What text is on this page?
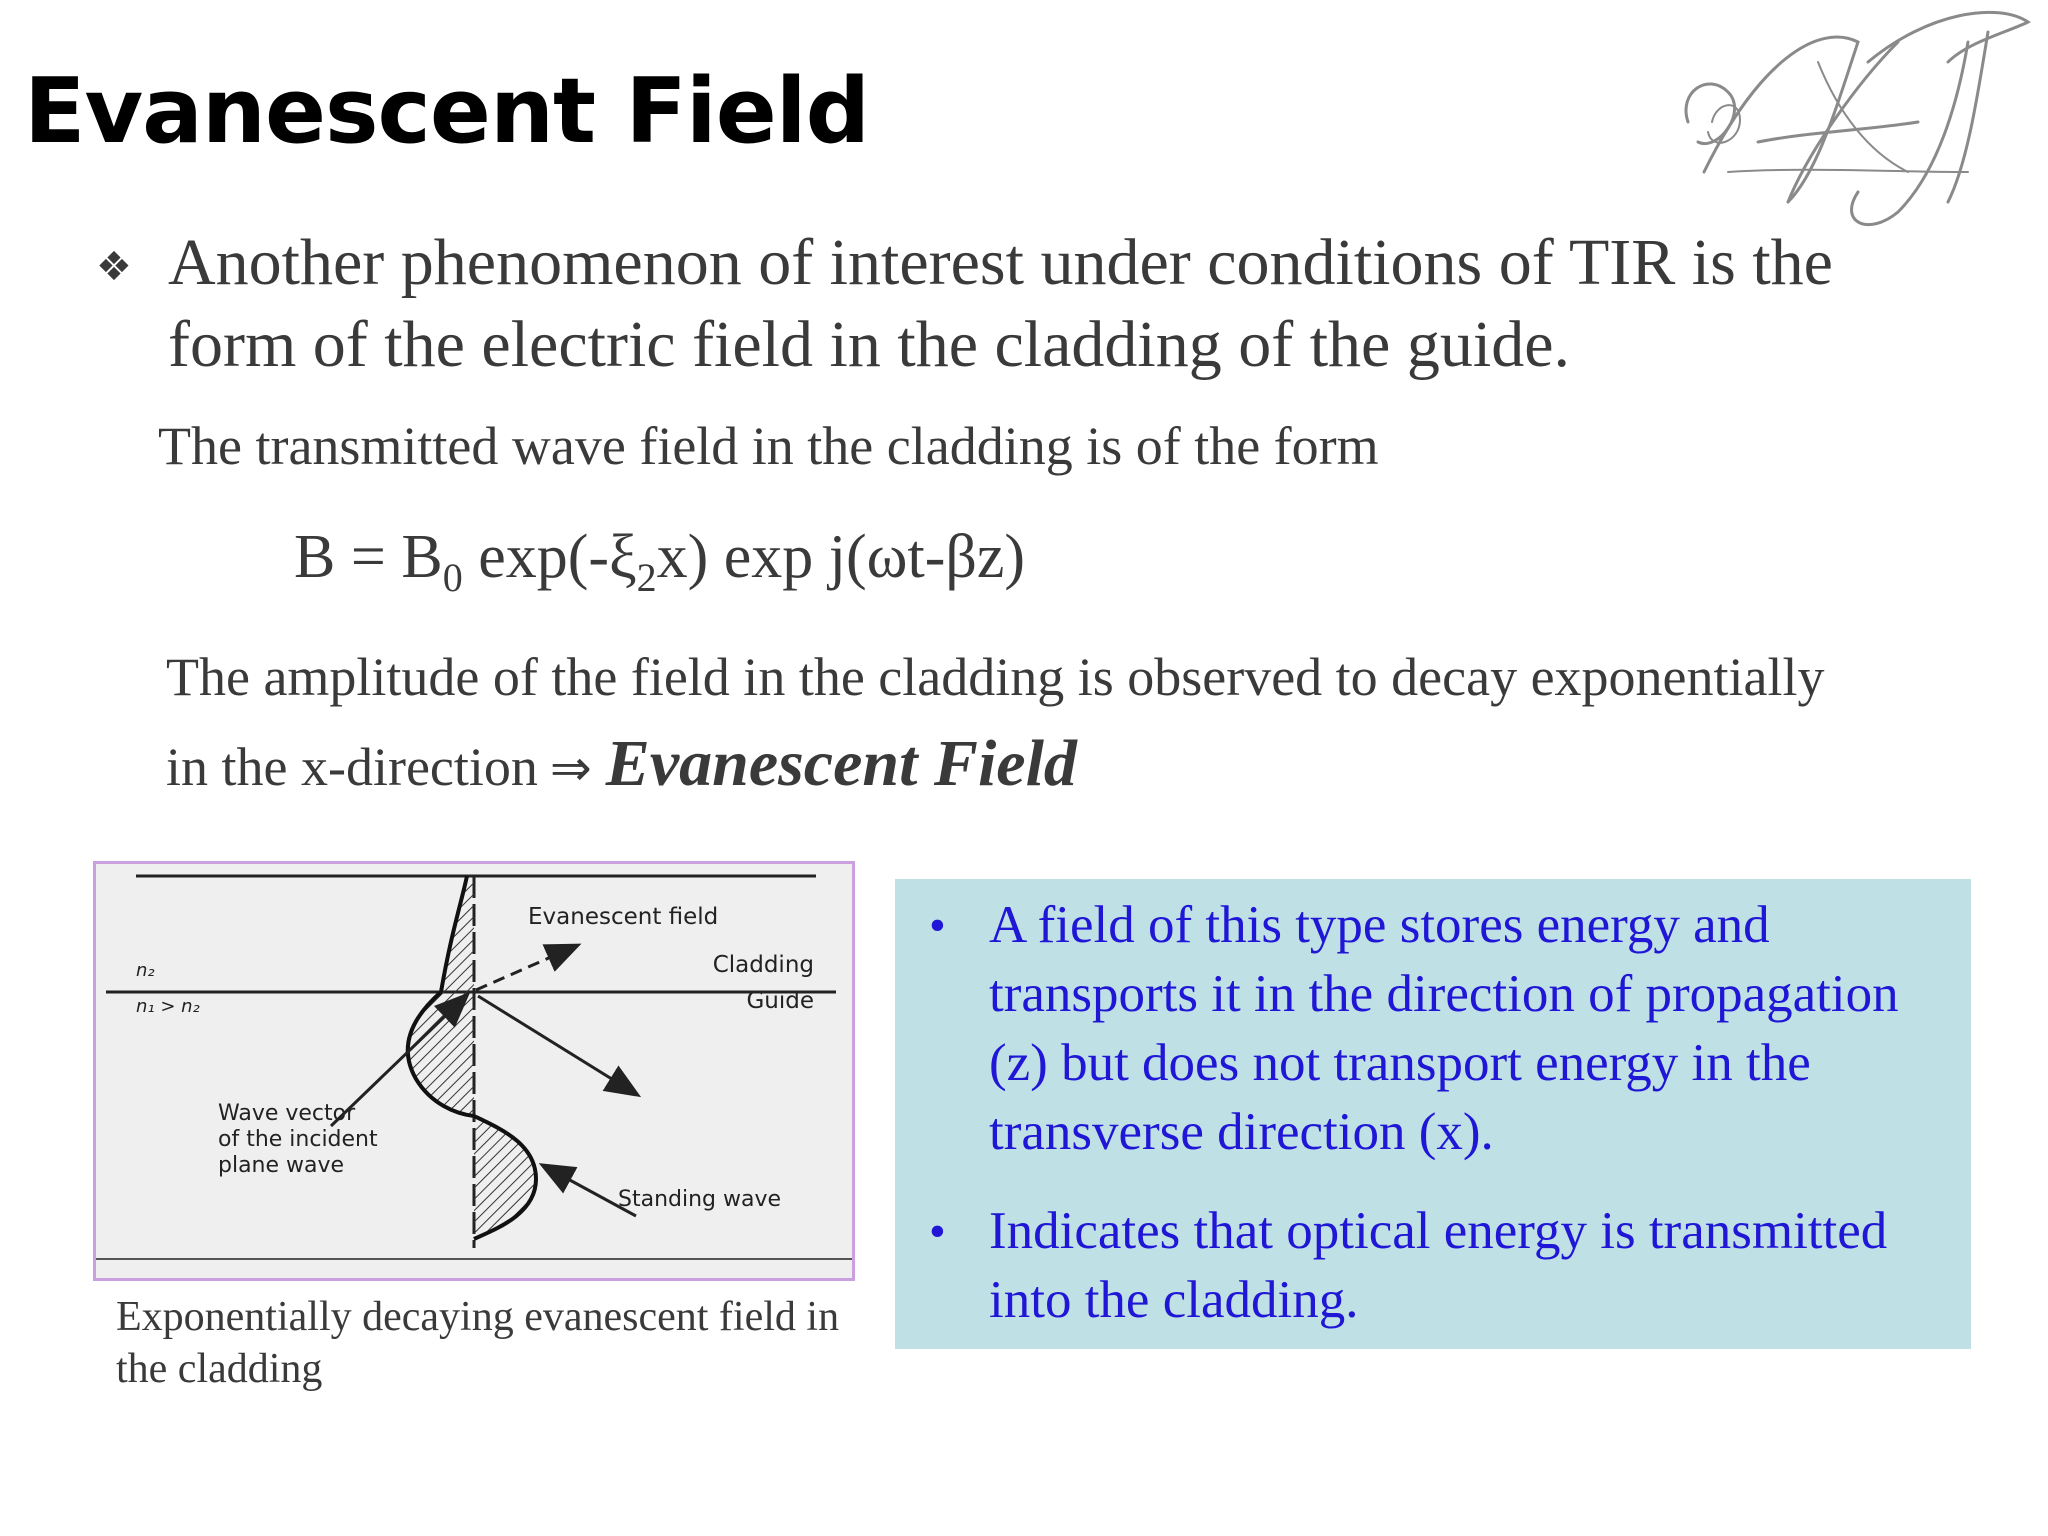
Evanescent Field
❖ Another phenomenon of interest under conditions of TIR is the form of the electric field in the cladding of the guide.

The transmitted wave field in the cladding is of the form

$B = B_0$ $\exp(-\xi_2x)$ exp j(ωt-βz)
The amplitude of the field in the cladding is observed to decay exponentially
in the x-direction ⇒ Evanescent Field
Evanescent field
n₂
n₁ > n₂
Cladding
Guide
Wave vector
of the incident
plane wave
Standing wave
Exponentially decaying evanescent field in the cladding
• A field of this type stores energy and transports it in the direction of propagation (z) but does not transport energy in the transverse direction (x).
• Indicates that optical energy is transmitted into the cladding.
